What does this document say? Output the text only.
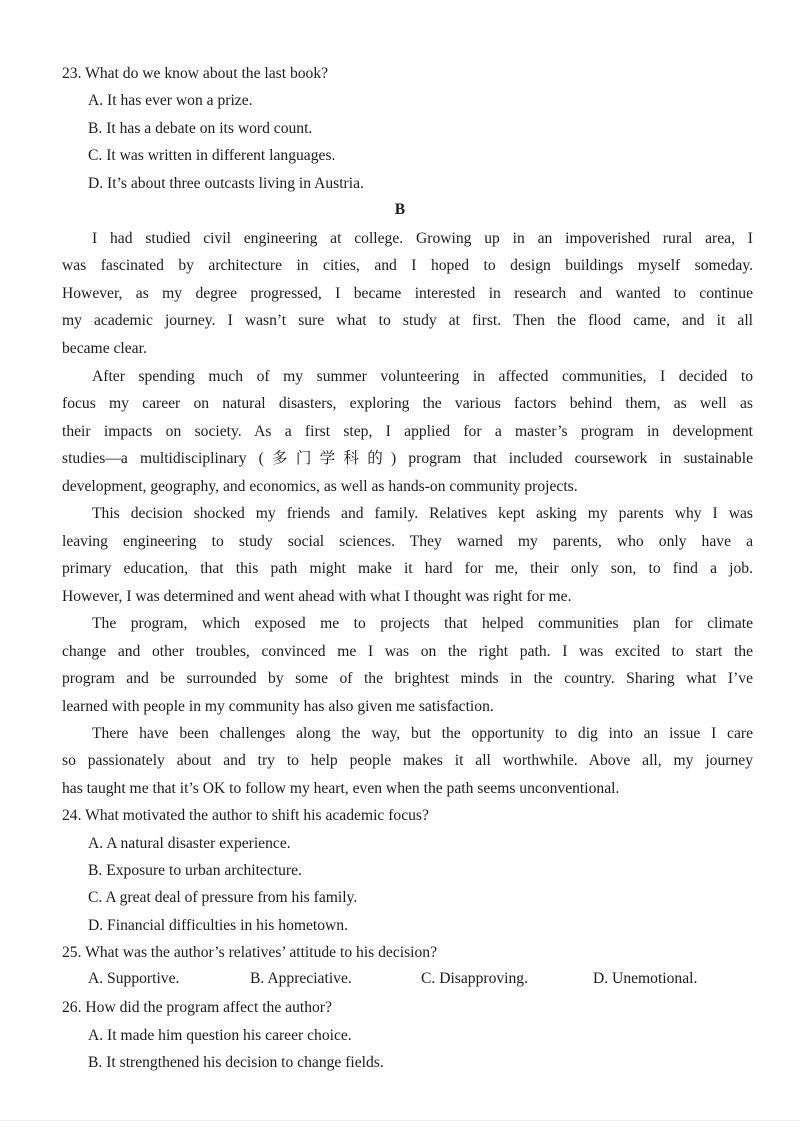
23. What do we know about the last book?
A. It has ever won a prize.
B. It has a debate on its word count.
C. It was written in different languages.
D. It’s about three outcasts living in Austria.
B
I had studied civil engineering at college. Growing up in an impoverished rural area, I
was fascinated by architecture in cities, and I hoped to design buildings myself someday.
However, as my degree progressed, I became interested in research and wanted to continue
my academic journey. I wasn’t sure what to study at first. Then the flood came, and it all
became clear.
After spending much of my summer volunteering in affected communities, I decided to
focus my career on natural disasters, exploring the various factors behind them, as well as
their impacts on society. As a first step, I applied for a master’s program in development
studies—a multidisciplinary (多门学科的) program that included coursework in sustainable
development, geography, and economics, as well as hands-on community projects.
This decision shocked my friends and family. Relatives kept asking my parents why I was
leaving engineering to study social sciences. They warned my parents, who only have a
primary education, that this path might make it hard for me, their only son, to find a job.
However, I was determined and went ahead with what I thought was right for me.
The program, which exposed me to projects that helped communities plan for climate
change and other troubles, convinced me I was on the right path. I was excited to start the
program and be surrounded by some of the brightest minds in the country. Sharing what I’ve
learned with people in my community has also given me satisfaction.
There have been challenges along the way, but the opportunity to dig into an issue I care
so passionately about and try to help people makes it all worthwhile. Above all, my journey
has taught me that it’s OK to follow my heart, even when the path seems unconventional.
24. What motivated the author to shift his academic focus?
A. A natural disaster experience.
B. Exposure to urban architecture.
C. A great deal of pressure from his family.
D. Financial difficulties in his hometown.
25. What was the author’s relatives’ attitude to his decision?
A. Supportive.	B. Appreciative.	C. Disapproving.	D. Unemotional.
26. How did the program affect the author?
A. It made him question his career choice.
B. It strengthened his decision to change fields.
